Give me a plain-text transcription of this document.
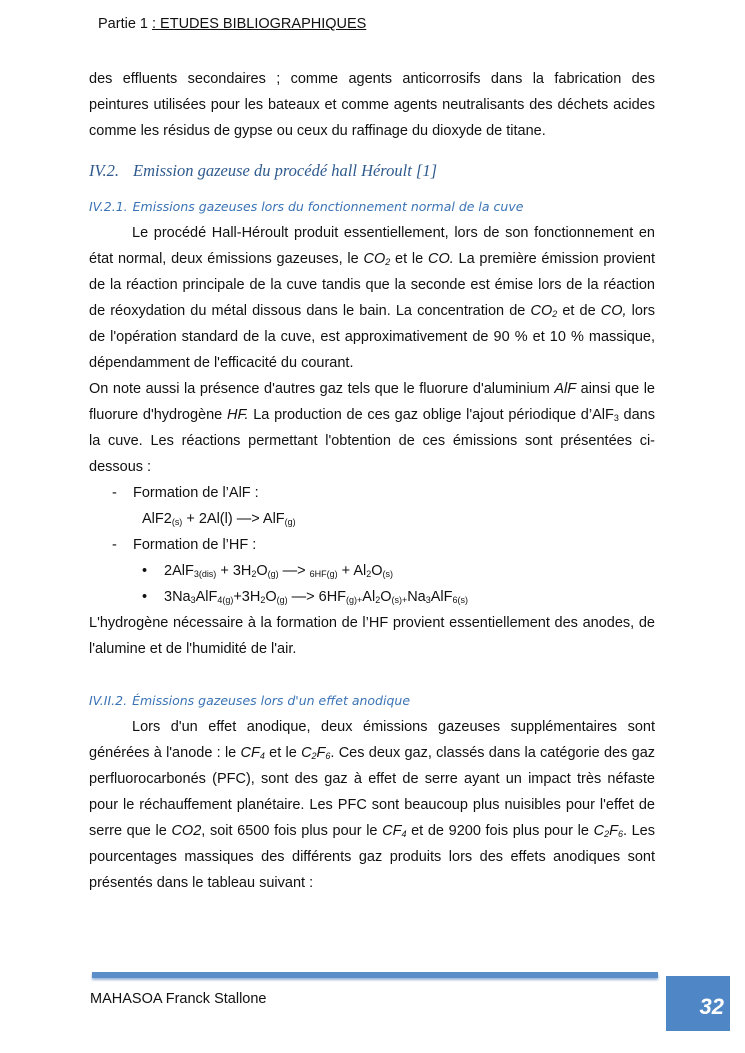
Partie 1 : ETUDES BIBLIOGRAPHIQUES

des effluents secondaires ; comme agents anticorrosifs dans la fabrication des peintures utilisées pour les bateaux et comme agents neutralisants des déchets acides comme les résidus de gypse ou ceux du raffinage du dioxyde de titane.

IV.2. Emission gazeuse du procédé hall Héroult [1]
IV.2.1. Emissions gazeuses lors du fonctionnement normal de la cuve

Le procédé Hall-Héroult produit essentiellement, lors de son fonctionnement en état normal, deux émissions gazeuses, le $CO_2$ et le CO. La première émission provient de la réaction principale de la cuve tandis que la seconde est émise lors de la réaction de réoxydation du métal dissous dans le bain. La concentration de $CO_2$ et de CO, lors de l'opération standard de la cuve, est approximativement de 90 % et 10 % massique, dépendamment de l'efficacité du courant.

On note aussi la présence d'autres gaz tels que le fluorure d'aluminium AlF ainsi que le fluorure d'hydrogène HF. La production de ces gaz oblige l'ajout périodique d’AlF$_3$ dans la cuve. Les réactions permettant l'obtention de ces émissions sont présentées ci-dessous :

- Formation de l’AlF :
$AlF2_{(s)} + 2Al(l)$ —> AlF$_{(g)}$
- Formation de l’HF :
• $2AlF_{3(dis)} + 3H_2O_{(g)}$ —> $_{6HF(g)} + Al_2O_{(s)}$
• $3Na_3AlF_{4(g)}+3H_2O_{(g)}$ —> $6HF_{(g)+}Al_2O_{(s)+}Na_3AlF_{6(s)}$

L'hydrogène nécessaire à la formation de l’HF provient essentiellement des anodes, de l'alumine et de l'humidité de l'air.

IV.II.2. Émissions gazeuses lors d'un effet anodique

Lors d'un effet anodique, deux émissions gazeuses supplémentaires sont générées à l'anode : le $CF_4$ et le $C_2F_6$. Ces deux gaz, classés dans la catégorie des gaz perfluorocarbonés (PFC), sont des gaz à effet de serre ayant un impact très néfaste pour le réchauffement planétaire. Les PFC sont beaucoup plus nuisibles pour l'effet de serre que le CO2, soit 6500 fois plus pour le $CF_4$ et de 9200 fois plus pour le $C_2F_6$. Les pourcentages massiques des différents gaz produits lors des effets anodiques sont présentés dans le tableau suivant :

MAHASOA Franck Stallone	32
